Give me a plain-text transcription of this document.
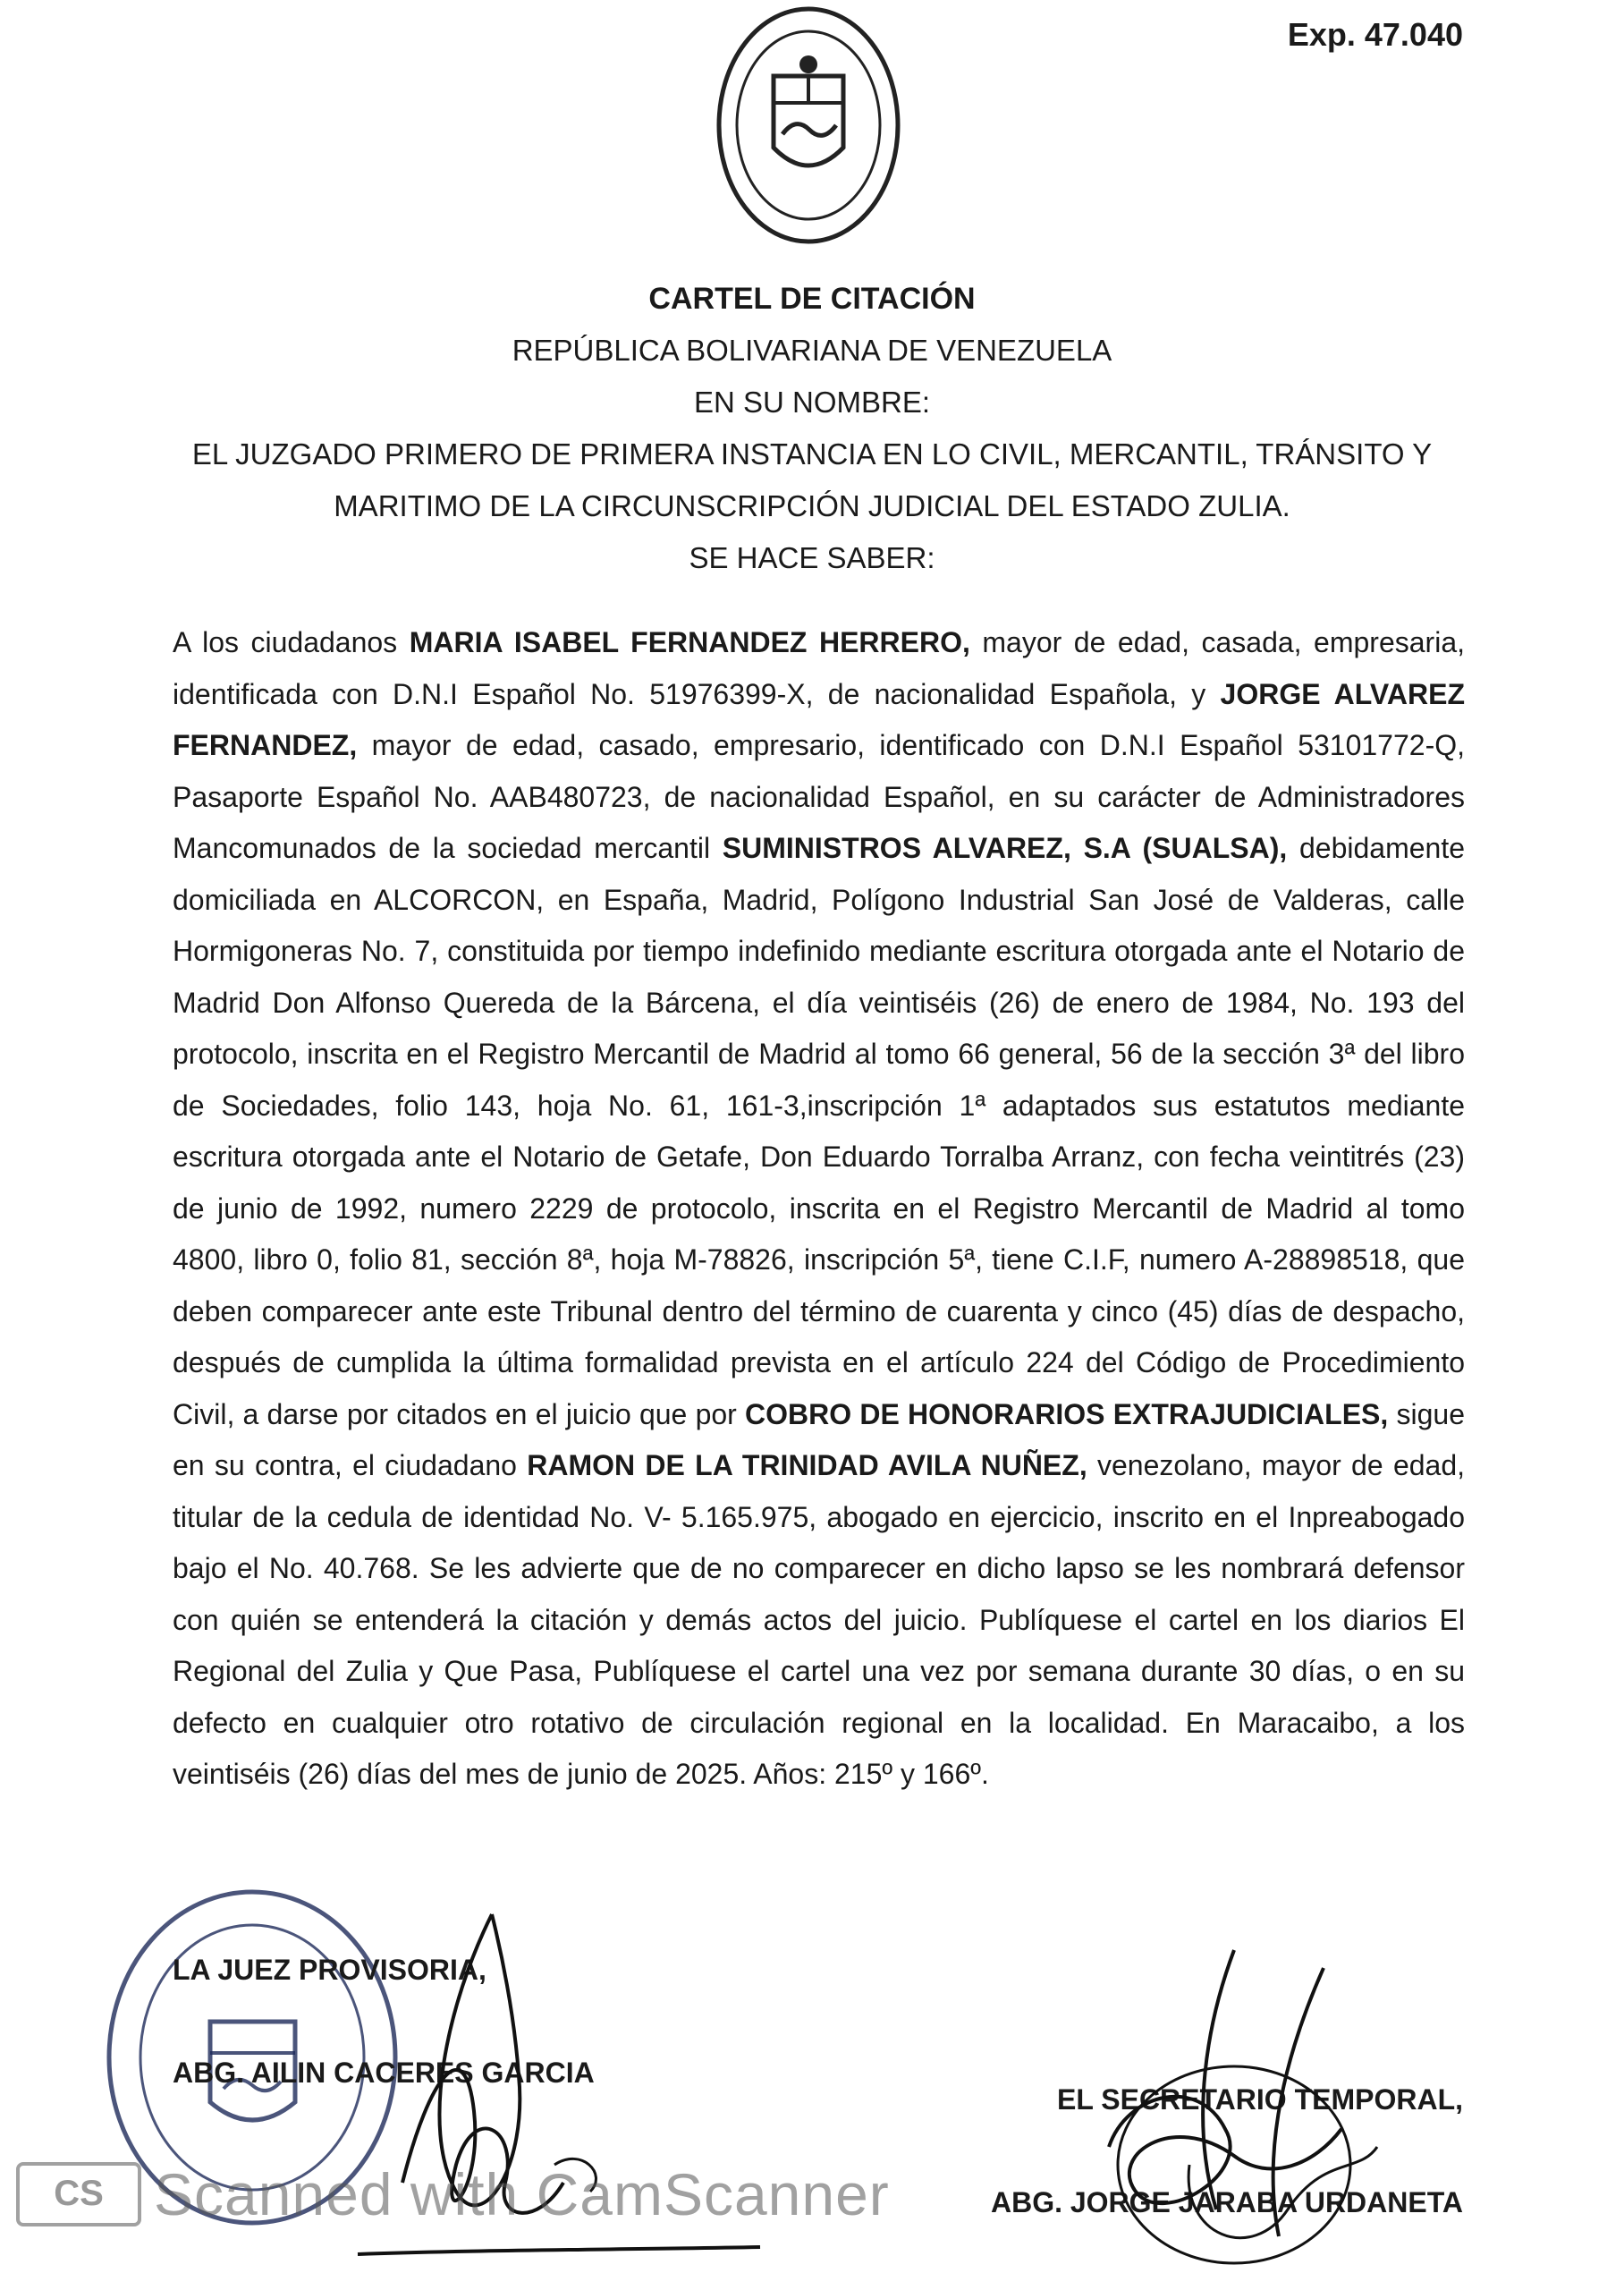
Exp. 47.040
CARTEL DE CITACIÓN
REPÚBLICA BOLIVARIANA DE VENEZUELA
EN SU NOMBRE:
EL JUZGADO PRIMERO DE PRIMERA INSTANCIA EN LO CIVIL, MERCANTIL, TRÁNSITO Y
MARITIMO DE LA CIRCUNSCRIPCIÓN JUDICIAL DEL ESTADO ZULIA.
SE HACE SABER:
A los ciudadanos MARIA ISABEL FERNANDEZ HERRERO, mayor de edad, casada, empresaria, identificada con D.N.I Español No. 51976399-X, de nacionalidad Española, y JORGE ALVAREZ FERNANDEZ, mayor de edad, casado, empresario, identificado con D.N.I Español 53101772-Q, Pasaporte Español No. AAB480723, de nacionalidad Español, en su carácter de Administradores Mancomunados de la sociedad mercantil SUMINISTROS ALVAREZ, S.A (SUALSA), debidamente domiciliada en ALCORCON, en España, Madrid, Polígono Industrial San José de Valderas, calle Hormigoneras No. 7, constituida por tiempo indefinido mediante escritura otorgada ante el Notario de Madrid Don Alfonso Quereda de la Bárcena, el día veintiséis (26) de enero de 1984, No. 193 del protocolo, inscrita en el Registro Mercantil de Madrid al tomo 66 general, 56 de la sección 3ª del libro de Sociedades, folio 143, hoja No. 61, 161-3,inscripción 1ª adaptados sus estatutos mediante escritura otorgada ante el Notario de Getafe, Don Eduardo Torralba Arranz, con fecha veintitrés (23) de junio de 1992, numero 2229 de protocolo, inscrita en el Registro Mercantil de Madrid al tomo 4800, libro 0, folio 81, sección 8ª, hoja M-78826, inscripción 5ª, tiene C.I.F, numero A-28898518, que deben comparecer ante este Tribunal dentro del término de cuarenta y cinco (45) días de despacho, después de cumplida la última formalidad prevista en el artículo 224 del Código de Procedimiento Civil, a darse por citados en el juicio que por COBRO DE HONORARIOS EXTRAJUDICIALES, sigue en su contra, el ciudadano RAMON DE LA TRINIDAD AVILA NUÑEZ, venezolano, mayor de edad, titular de la cedula de identidad No. V- 5.165.975, abogado en ejercicio, inscrito en el Inpreabogado bajo el No. 40.768. Se les advierte que de no comparecer en dicho lapso se les nombrará defensor con quién se entenderá la citación y demás actos del juicio. Publíquese el cartel en los diarios El Regional del Zulia y Que Pasa, Publíquese el cartel una vez por semana durante 30 días, o en su defecto en cualquier otro rotativo de circulación regional en la localidad. En Maracaibo, a los veintiséis (26) días del mes de junio de 2025. Años: 215º y 166º.
LA JUEZ PROVISORIA,
ABG. AILIN CACERES GARCIA
EL SECRETARIO TEMPORAL,
ABG. JORGE JARABA URDANETA
CS Scanned with CamScanner
